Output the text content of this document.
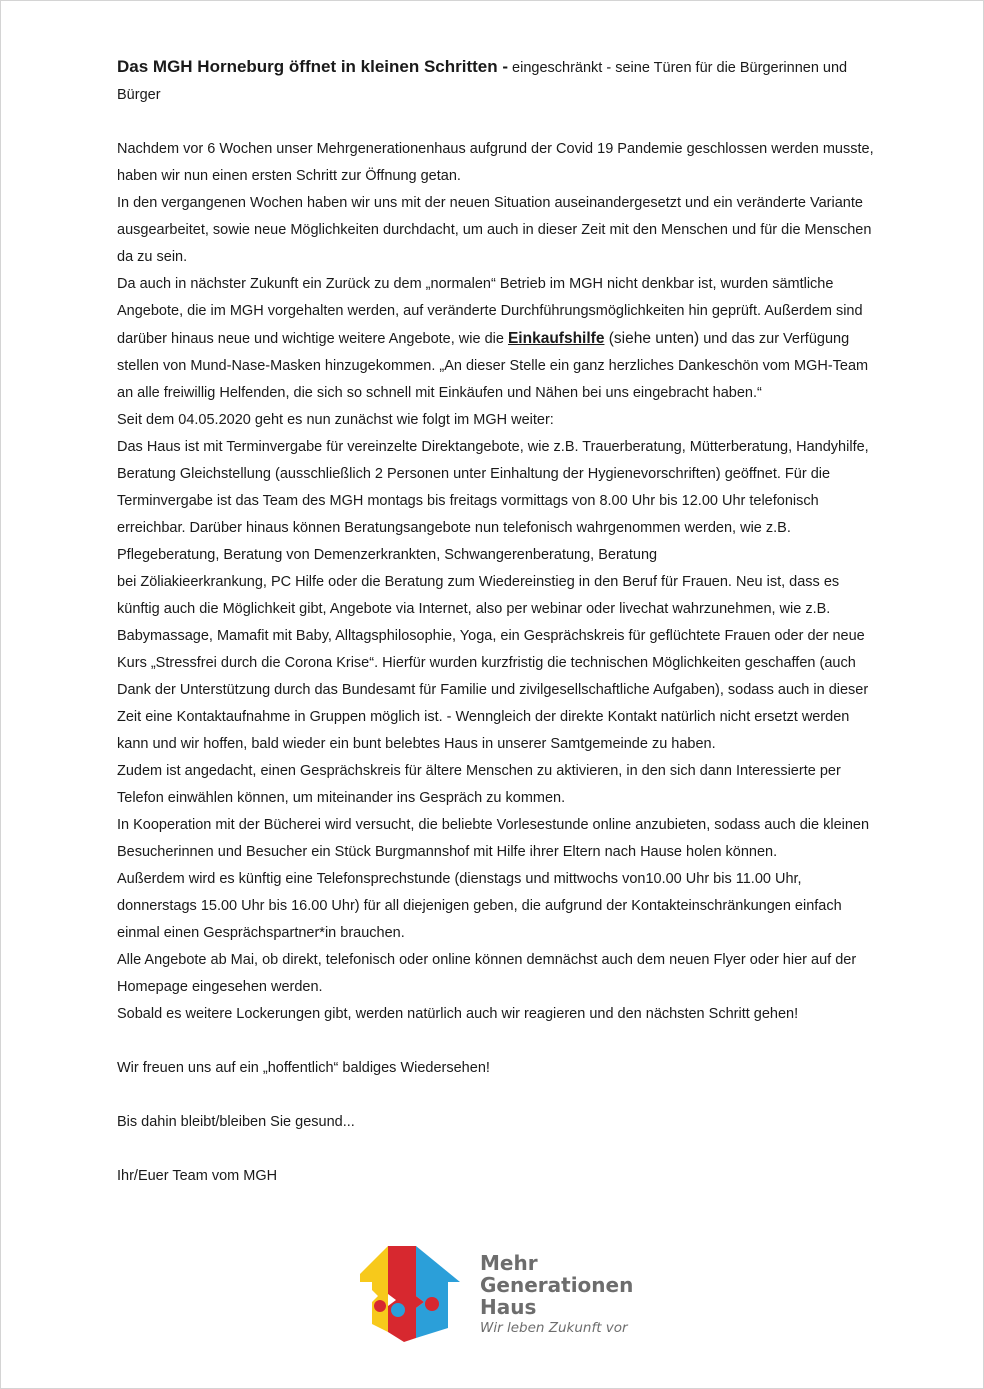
Das MGH Horneburg öffnet in kleinen Schritten - eingeschränkt - seine Türen für die Bürgerinnen und Bürger

Nachdem vor 6 Wochen unser Mehrgenerationenhaus aufgrund der Covid 19 Pandemie geschlossen werden musste, haben wir nun einen ersten Schritt zur Öffnung getan.

In den vergangenen Wochen haben wir uns mit der neuen Situation auseinandergesetzt und ein veränderte Variante ausgearbeitet, sowie neue Möglichkeiten durchdacht, um auch in dieser Zeit mit den Menschen und für die Menschen da zu sein.

Da auch in nächster Zukunft ein Zurück zu dem „normalen“ Betrieb im MGH nicht denkbar ist, wurden sämtliche Angebote, die im MGH vorgehalten werden, auf veränderte Durchführungsmöglichkeiten hin geprüft. Außerdem sind darüber hinaus neue und wichtige weitere Angebote, wie die Einkaufshilfe (siehe unten) und das zur Verfügung stellen von Mund-Nase-Masken hinzugekommen. „An dieser Stelle ein ganz herzliches Dankeschön vom MGH-Team an alle freiwillig Helfenden, die sich so schnell mit Einkäufen und Nähen bei uns eingebracht haben.“

Seit dem 04.05.2020 geht es nun zunächst wie folgt im MGH weiter:

Das Haus ist mit Terminvergabe für vereinzelte Direktangebote, wie z.B. Trauerberatung, Mütterberatung, Handyhilfe, Beratung Gleichstellung (ausschließlich 2 Personen unter Einhaltung der Hygienevorschriften) geöffnet. Für die Terminvergabe ist das Team des MGH montags bis freitags vormittags von 8.00 Uhr bis 12.00 Uhr telefonisch erreichbar. Darüber hinaus können Beratungsangebote nun telefonisch wahrgenommen werden, wie z.B. Pflegeberatung, Beratung von Demenzerkrankten, Schwangerenberatung, Beratung

bei Zöliakieerkrankung, PC Hilfe oder die Beratung zum Wiedereinstieg in den Beruf für Frauen. Neu ist, dass es künftig auch die Möglichkeit gibt, Angebote via Internet, also per webinar oder livechat wahrzunehmen, wie z.B. Babymassage, Mamafit mit Baby, Alltagsphilosophie, Yoga, ein Gesprächskreis für geflüchtete Frauen oder der neue Kurs „Stressfrei durch die Corona Krise“. Hierfür wurden kurzfristig die technischen Möglichkeiten geschaffen (auch Dank der Unterstützung durch das Bundesamt für Familie und zivilgesellschaftliche Aufgaben), sodass auch in dieser Zeit eine Kontaktaufnahme in Gruppen möglich ist. - Wenngleich der direkte Kontakt natürlich nicht ersetzt werden kann und wir hoffen, bald wieder ein bunt belebtes Haus in unserer Samtgemeinde zu haben.

Zudem ist angedacht, einen Gesprächskreis für ältere Menschen zu aktivieren, in den sich dann Interessierte per Telefon einwählen können, um miteinander ins Gespräch zu kommen.

In Kooperation mit der Bücherei wird versucht, die beliebte Vorlesestunde online anzubieten, sodass auch die kleinen Besucherinnen und Besucher ein Stück Burgmannshof mit Hilfe ihrer Eltern nach Hause holen können.

Außerdem wird es künftig eine Telefonsprechstunde (dienstags und mittwochs von10.00 Uhr bis 11.00 Uhr, donnerstags 15.00 Uhr bis 16.00 Uhr) für all diejenigen geben, die aufgrund der Kontakteinschränkungen einfach einmal einen Gesprächspartner*in brauchen.

Alle Angebote ab Mai, ob direkt, telefonisch oder online können demnächst auch dem neuen Flyer oder hier auf der Homepage eingesehen werden.

Sobald es weitere Lockerungen gibt, werden natürlich auch wir reagieren und den nächsten Schritt gehen!

Wir freuen uns auf ein „hoffentlich“ baldiges Wiedersehen!

Bis dahin bleibt/bleiben Sie gesund...

Ihr/Euer Team vom MGH

Mehr
Generationen
Haus
Wir leben Zukunft vor
